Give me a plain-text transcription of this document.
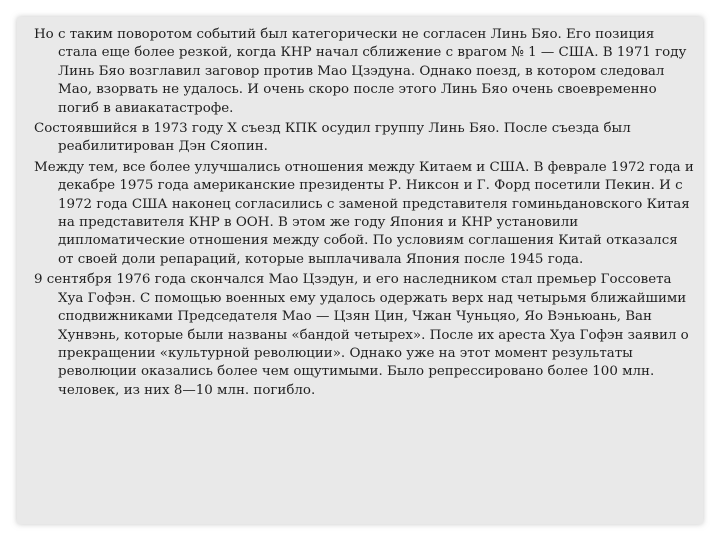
Но с таким поворотом событий был категорически не согласен Линь Бяо. Его позиция стала еще более резкой, когда КНР начал сближение с врагом № 1 — США. В 1971 году Линь Бяо возглавил заговор против Мао Цзэдуна. Однако поезд, в котором следовал Мао, взорвать не удалось. И очень скоро после этого Линь Бяо очень своевременно погиб в авиакатастрофе.

Состоявшийся в 1973 году X съезд КПК осудил группу Линь Бяо. После съезда был реабилитирован Дэн Сяопин.

Между тем, все более улучшались отношения между Китаем и США. В феврале 1972 года и декабре 1975 года американские президенты Р. Никсон и Г. Форд посетили Пекин. И с 1972 года США наконец согласились с заменой представителя гоминьдановского Китая на представителя КНР в ООН. В этом же году Япония и КНР установили дипломатические отношения между собой. По условиям соглашения Китай отказался от своей доли репараций, которые выплачивала Япония после 1945 года.

9 сентября 1976 года скончался Мао Цзэдун, и его наследником стал премьер Госсовета Хуа Гофэн. С помощью военных ему удалось одержать верх над четырьмя ближайшими сподвижниками Председателя Мао — Цзян Цин, Чжан Чуньцяо, Яо Вэньюань, Ван Хунвэнь, которые были названы «бандой четырех». После их ареста Хуа Гофэн заявил о прекращении «культурной революции». Однако уже на этот момент результаты революции оказались более чем ощутимыми. Было репрессировано более 100 млн. человек, из них 8—10 млн. погибло.
